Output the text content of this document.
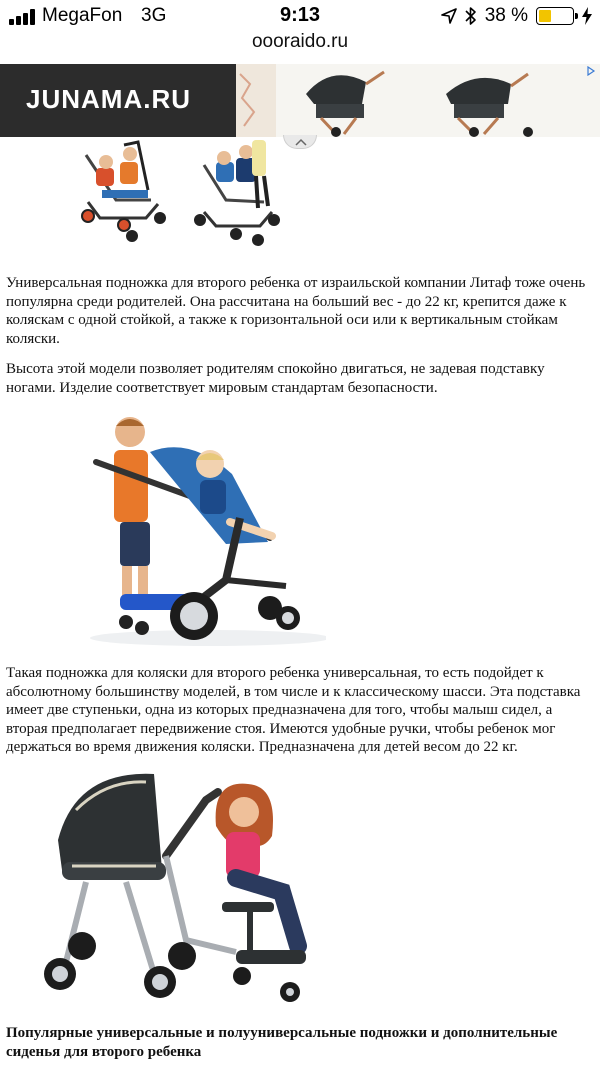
MegaFon 3G	9:13	38 %
oooraido.ru
JUNAMA.RU

Универсальная подножка для второго ребенка от израильской компании Литаф тоже очень популярна среди родителей. Она рассчитана на больший вес - до 22 кг, крепится даже к коляскам с одной стойкой, а также к горизонтальной оси или к вертикальным стойкам коляски.

Высота этой модели позволяет родителям спокойно двигаться, не задевая подставку ногами. Изделие соответствует мировым стандартам безопасности.

Такая подножка для коляски для второго ребенка универсальная, то есть подойдет к абсолютному большинству моделей, в том числе и к классическому шасси. Эта подставка имеет две ступеньки, одна из которых предназначена для того, чтобы малыш сидел, а вторая предполагает передвижение стоя. Имеются удобные ручки, чтобы ребенок мог держаться во время движения коляски. Предназначена для детей весом до 22 кг.

Популярные универсальные и полууниверсальные подножки и дополнительные сиденья для второго ребенка
